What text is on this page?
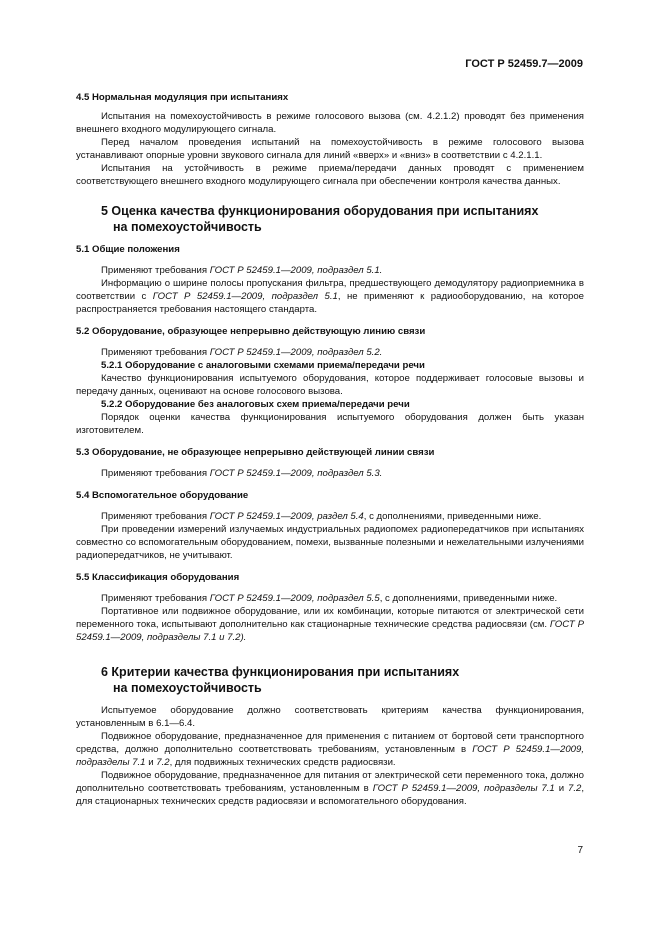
ГОСТ Р 52459.7—2009

4.5 Нормальная модуляция при испытаниях

Испытания на помехоустойчивость в режиме голосового вызова (см. 4.2.1.2) проводят без применения внешнего входного модулирующего сигнала.

Перед началом проведения испытаний на помехоустойчивость в режиме голосового вызова устанавливают опорные уровни звукового сигнала для линий «вверх» и «вниз» в соответствии с 4.2.1.1.

Испытания на устойчивость в режиме приема/передачи данных проводят с применением соответствующего внешнего входного модулирующего сигнала при обеспечении контроля качества данных.

5 Оценка качества функционирования оборудования при испытаниях
на помехоустойчивость

5.1 Общие положения

Применяют требования ГОСТ Р 52459.1—2009, подраздел 5.1.

Информацию о ширине полосы пропускания фильтра, предшествующего демодулятору радиоприемника в соответствии с ГОСТ Р 52459.1—2009, подраздел 5.1, не применяют к радиооборудованию, на которое распространяется требования настоящего стандарта.

5.2 Оборудование, образующее непрерывно действующую линию связи

Применяют требования ГОСТ Р 52459.1—2009, подраздел 5.2.

5.2.1 Оборудование с аналоговыми схемами приема/передачи речи

Качество функционирования испытуемого оборудования, которое поддерживает голосовые вызовы и передачу данных, оценивают на основе голосового вызова.

5.2.2 Оборудование без аналоговых схем приема/передачи речи

Порядок оценки качества функционирования испытуемого оборудования должен быть указан изготовителем.

5.3 Оборудование, не образующее непрерывно действующей линии связи

Применяют требования ГОСТ Р 52459.1—2009, подраздел 5.3.

5.4 Вспомогательное оборудование

Применяют требования ГОСТ Р 52459.1—2009, раздел 5.4, с дополнениями, приведенными ниже.

При проведении измерений излучаемых индустриальных радиопомех радиопередатчиков при испытаниях совместно со вспомогательным оборудованием, помехи, вызванные полезными и нежелательными излучениями радиопередатчиков, не учитывают.

5.5 Классификация оборудования

Применяют требования ГОСТ Р 52459.1—2009, подраздел 5.5, с дополнениями, приведенными ниже.

Портативное или подвижное оборудование, или их комбинации, которые питаются от электрической сети переменного тока, испытывают дополнительно как стационарные технические средства радиосвязи (см. ГОСТ Р 52459.1—2009, подразделы 7.1 и 7.2).

6 Критерии качества функционирования при испытаниях
на помехоустойчивость

Испытуемое оборудование должно соответствовать критериям качества функционирования, установленным в 6.1—6.4.

Подвижное оборудование, предназначенное для применения с питанием от бортовой сети транспортного средства, должно дополнительно соответствовать требованиям, установленным в ГОСТ Р 52459.1—2009, подразделы 7.1 и 7.2, для подвижных технических средств радиосвязи.

Подвижное оборудование, предназначенное для питания от электрической сети переменного тока, должно дополнительно соответствовать требованиям, установленным в ГОСТ Р 52459.1—2009, подразделы 7.1 и 7.2, для стационарных технических средств радиосвязи и вспомогательного оборудования.

7
